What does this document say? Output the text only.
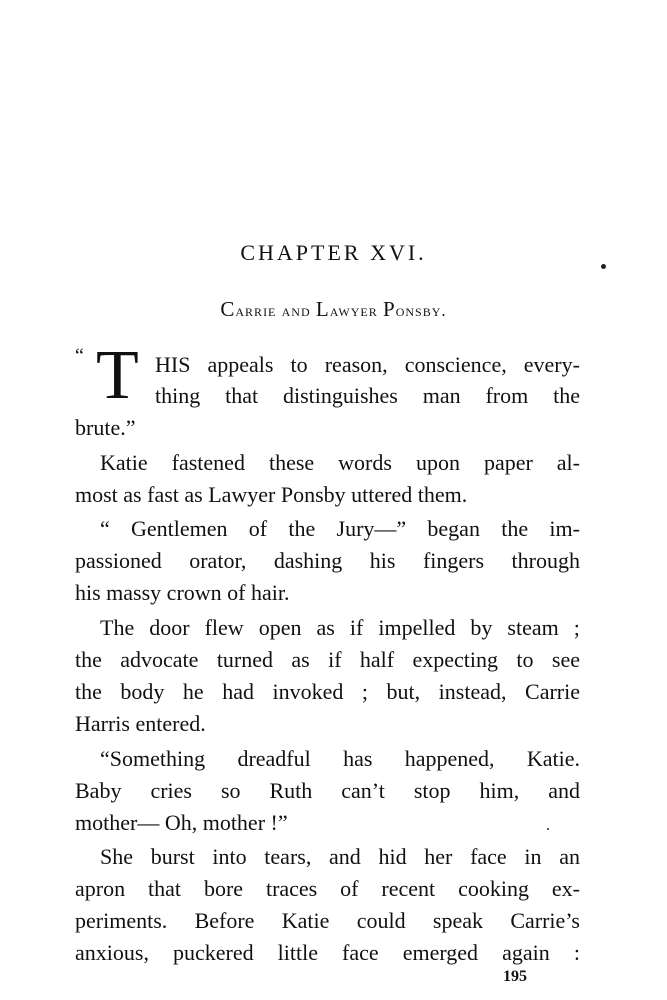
CHAPTER XVI.
Carrie and Lawyer Ponsby.
“ T HIS appeals to reason, conscience, every-
thing that distinguishes man from the
brute.”
Katie fastened these words upon paper al-
most as fast as Lawyer Ponsby uttered them.
“ Gentlemen of the Jury—” began the im-
passioned orator, dashing his fingers through
his massy crown of hair.
The door flew open as if impelled by steam ;
the advocate turned as if half expecting to see
the body he had invoked ; but, instead, Carrie
Harris entered.
“Something dreadful has happened, Katie.
Baby cries so Ruth can’t stop him, and
mother— Oh, mother !”
She burst into tears, and hid her face in an
apron that bore traces of recent cooking ex-
periments. Before Katie could speak Carrie’s
anxious, puckered little face emerged again :
195
